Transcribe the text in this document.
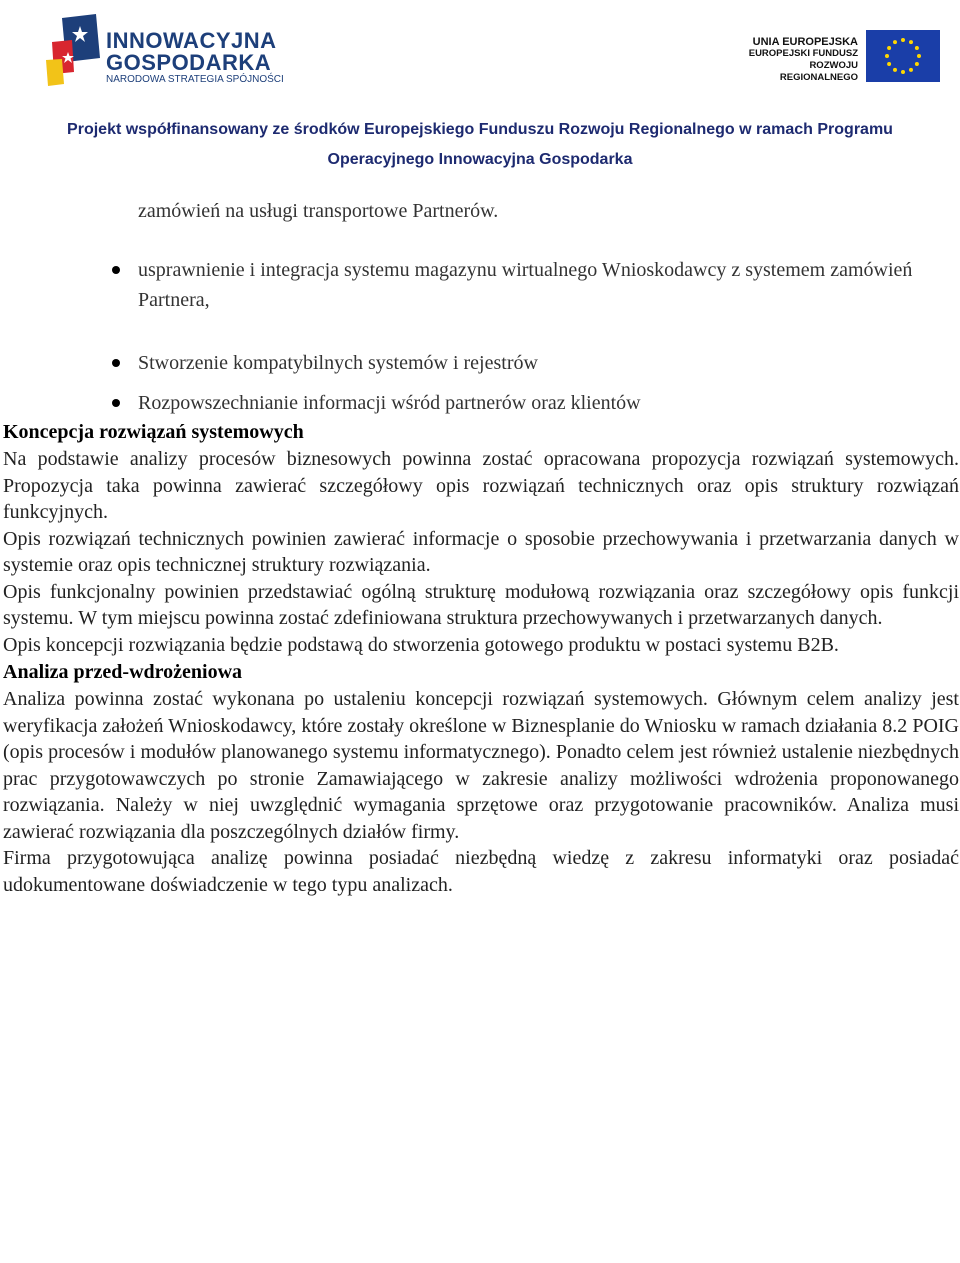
INNOWACYJNA
GOSPODARKA
NARODOWA STRATEGIA SPÓJNOŚCI
UNIA EUROPEJSKA
EUROPEJSKI FUNDUSZ
ROZWOJU REGIONALNEGO
Projekt współfinansowany ze środków Europejskiego Funduszu Rozwoju Regionalnego w ramach Programu
Operacyjnego Innowacyjna Gospodarka

zamówień na usługi transportowe Partnerów.

usprawnienie i integracja systemu magazynu wirtualnego Wnioskodawcy z systemem zamówień Partnera,
Stworzenie kompatybilnych systemów i rejestrów
Rozpowszechnianie informacji wśród partnerów oraz klientów
Koncepcja rozwiązań systemowych

Na podstawie analizy procesów biznesowych powinna zostać opracowana propozycja rozwiązań systemowych. Propozycja taka powinna zawierać szczegółowy opis rozwiązań technicznych oraz opis struktury rozwiązań funkcyjnych.

Opis rozwiązań technicznych powinien zawierać informacje o sposobie przechowywania i przetwarzania danych w systemie oraz opis technicznej struktury rozwiązania.

Opis funkcjonalny powinien przedstawiać ogólną strukturę modułową rozwiązania oraz szczegółowy opis funkcji systemu. W tym miejscu powinna zostać zdefiniowana struktura przechowywanych i przetwarzanych danych.

Opis koncepcji rozwiązania będzie podstawą do stworzenia gotowego produktu w postaci systemu B2B.

Analiza przed-wdrożeniowa

Analiza powinna zostać wykonana po ustaleniu koncepcji rozwiązań systemowych. Głównym celem analizy jest weryfikacja założeń Wnioskodawcy, które zostały określone w Biznesplanie do Wniosku w ramach działania 8.2 POIG (opis procesów i modułów planowanego systemu informatycznego). Ponadto celem jest również ustalenie niezbędnych prac przygotowawczych po stronie Zamawiającego w zakresie analizy możliwości wdrożenia proponowanego rozwiązania. Należy w niej uwzględnić wymagania sprzętowe oraz przygotowanie pracowników. Analiza musi zawierać rozwiązania dla poszczególnych działów firmy.

Firma przygotowująca analizę powinna posiadać niezbędną wiedzę z zakresu informatyki oraz posiadać udokumentowane doświadczenie w tego typu analizach.
